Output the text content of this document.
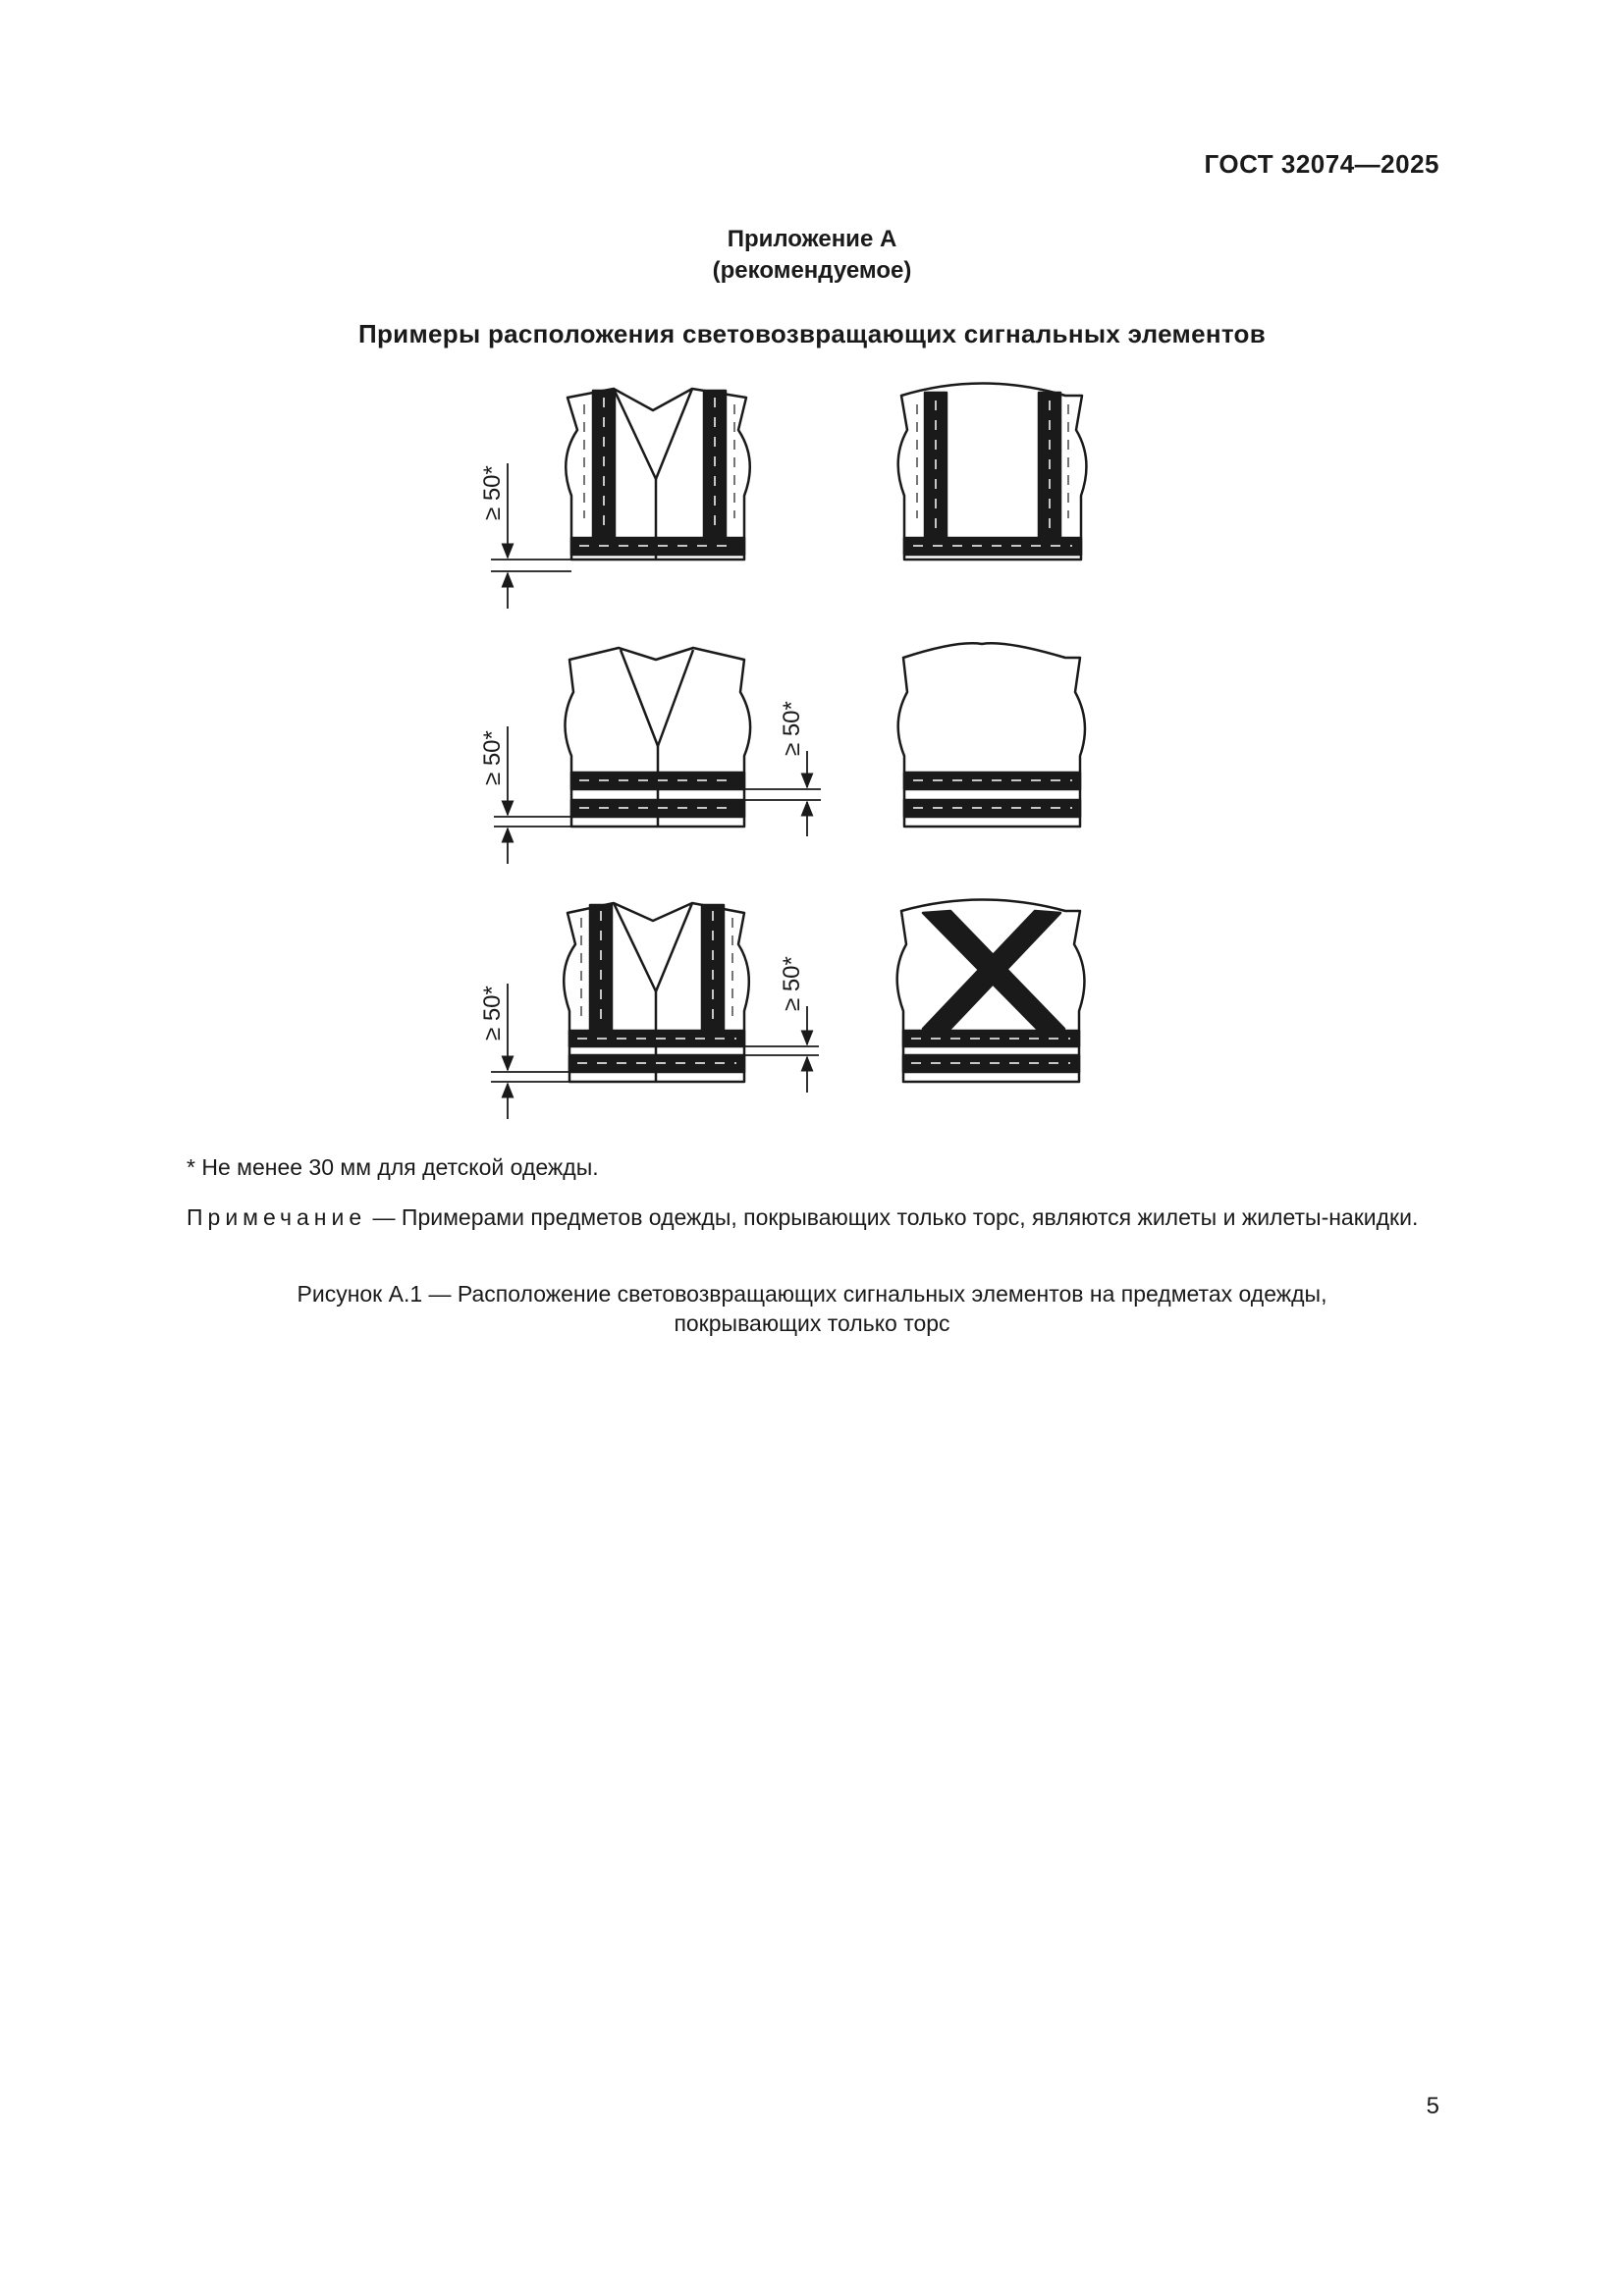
ГОСТ 32074—2025
Приложение А
(рекомендуемое)
Примеры расположения световозвращающих сигнальных элементов
≥ 50*
≥ 50*
≥ 50*
≥ 50*
≥ 50*
* Не менее 30 мм для детской одежды.
Примечание — Примерами предметов одежды, покрывающих только торс, являются жилеты и жилеты-накидки.
Рисунок А.1 — Расположение световозвращающих сигнальных элементов на предметах одежды,
покрывающих только торс
5
